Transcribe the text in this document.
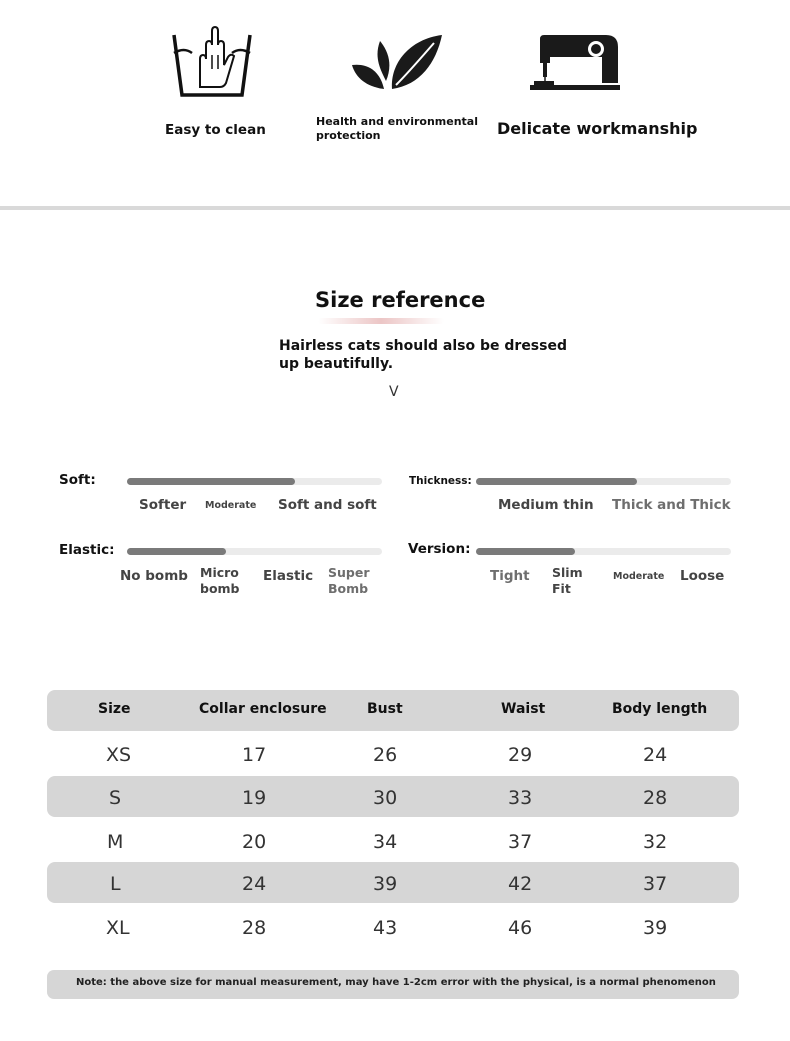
Easy to clean
Health and environmental protection	Delicate workmanship
Size reference
Hairless cats should also be dressed up beautifully.
V
Soft:
Softer Moderate Soft and soft
Thickness:
Medium thin Thick and Thick
Elastic:
No bomb Micro bomb
Elastic Super Bomb
Version:
Tight Slim Fit
Moderate Loose
Size	Collar enclosure	Bust	Waist	Body length
XS	17	26	29	24
S	19	30	33	28
M	20	34	37	32
L	24	39	42	37
XL	28	43	46	39
Note: the above size for manual measurement, may have 1-2cm error with the physical, is a normal phenomenon
